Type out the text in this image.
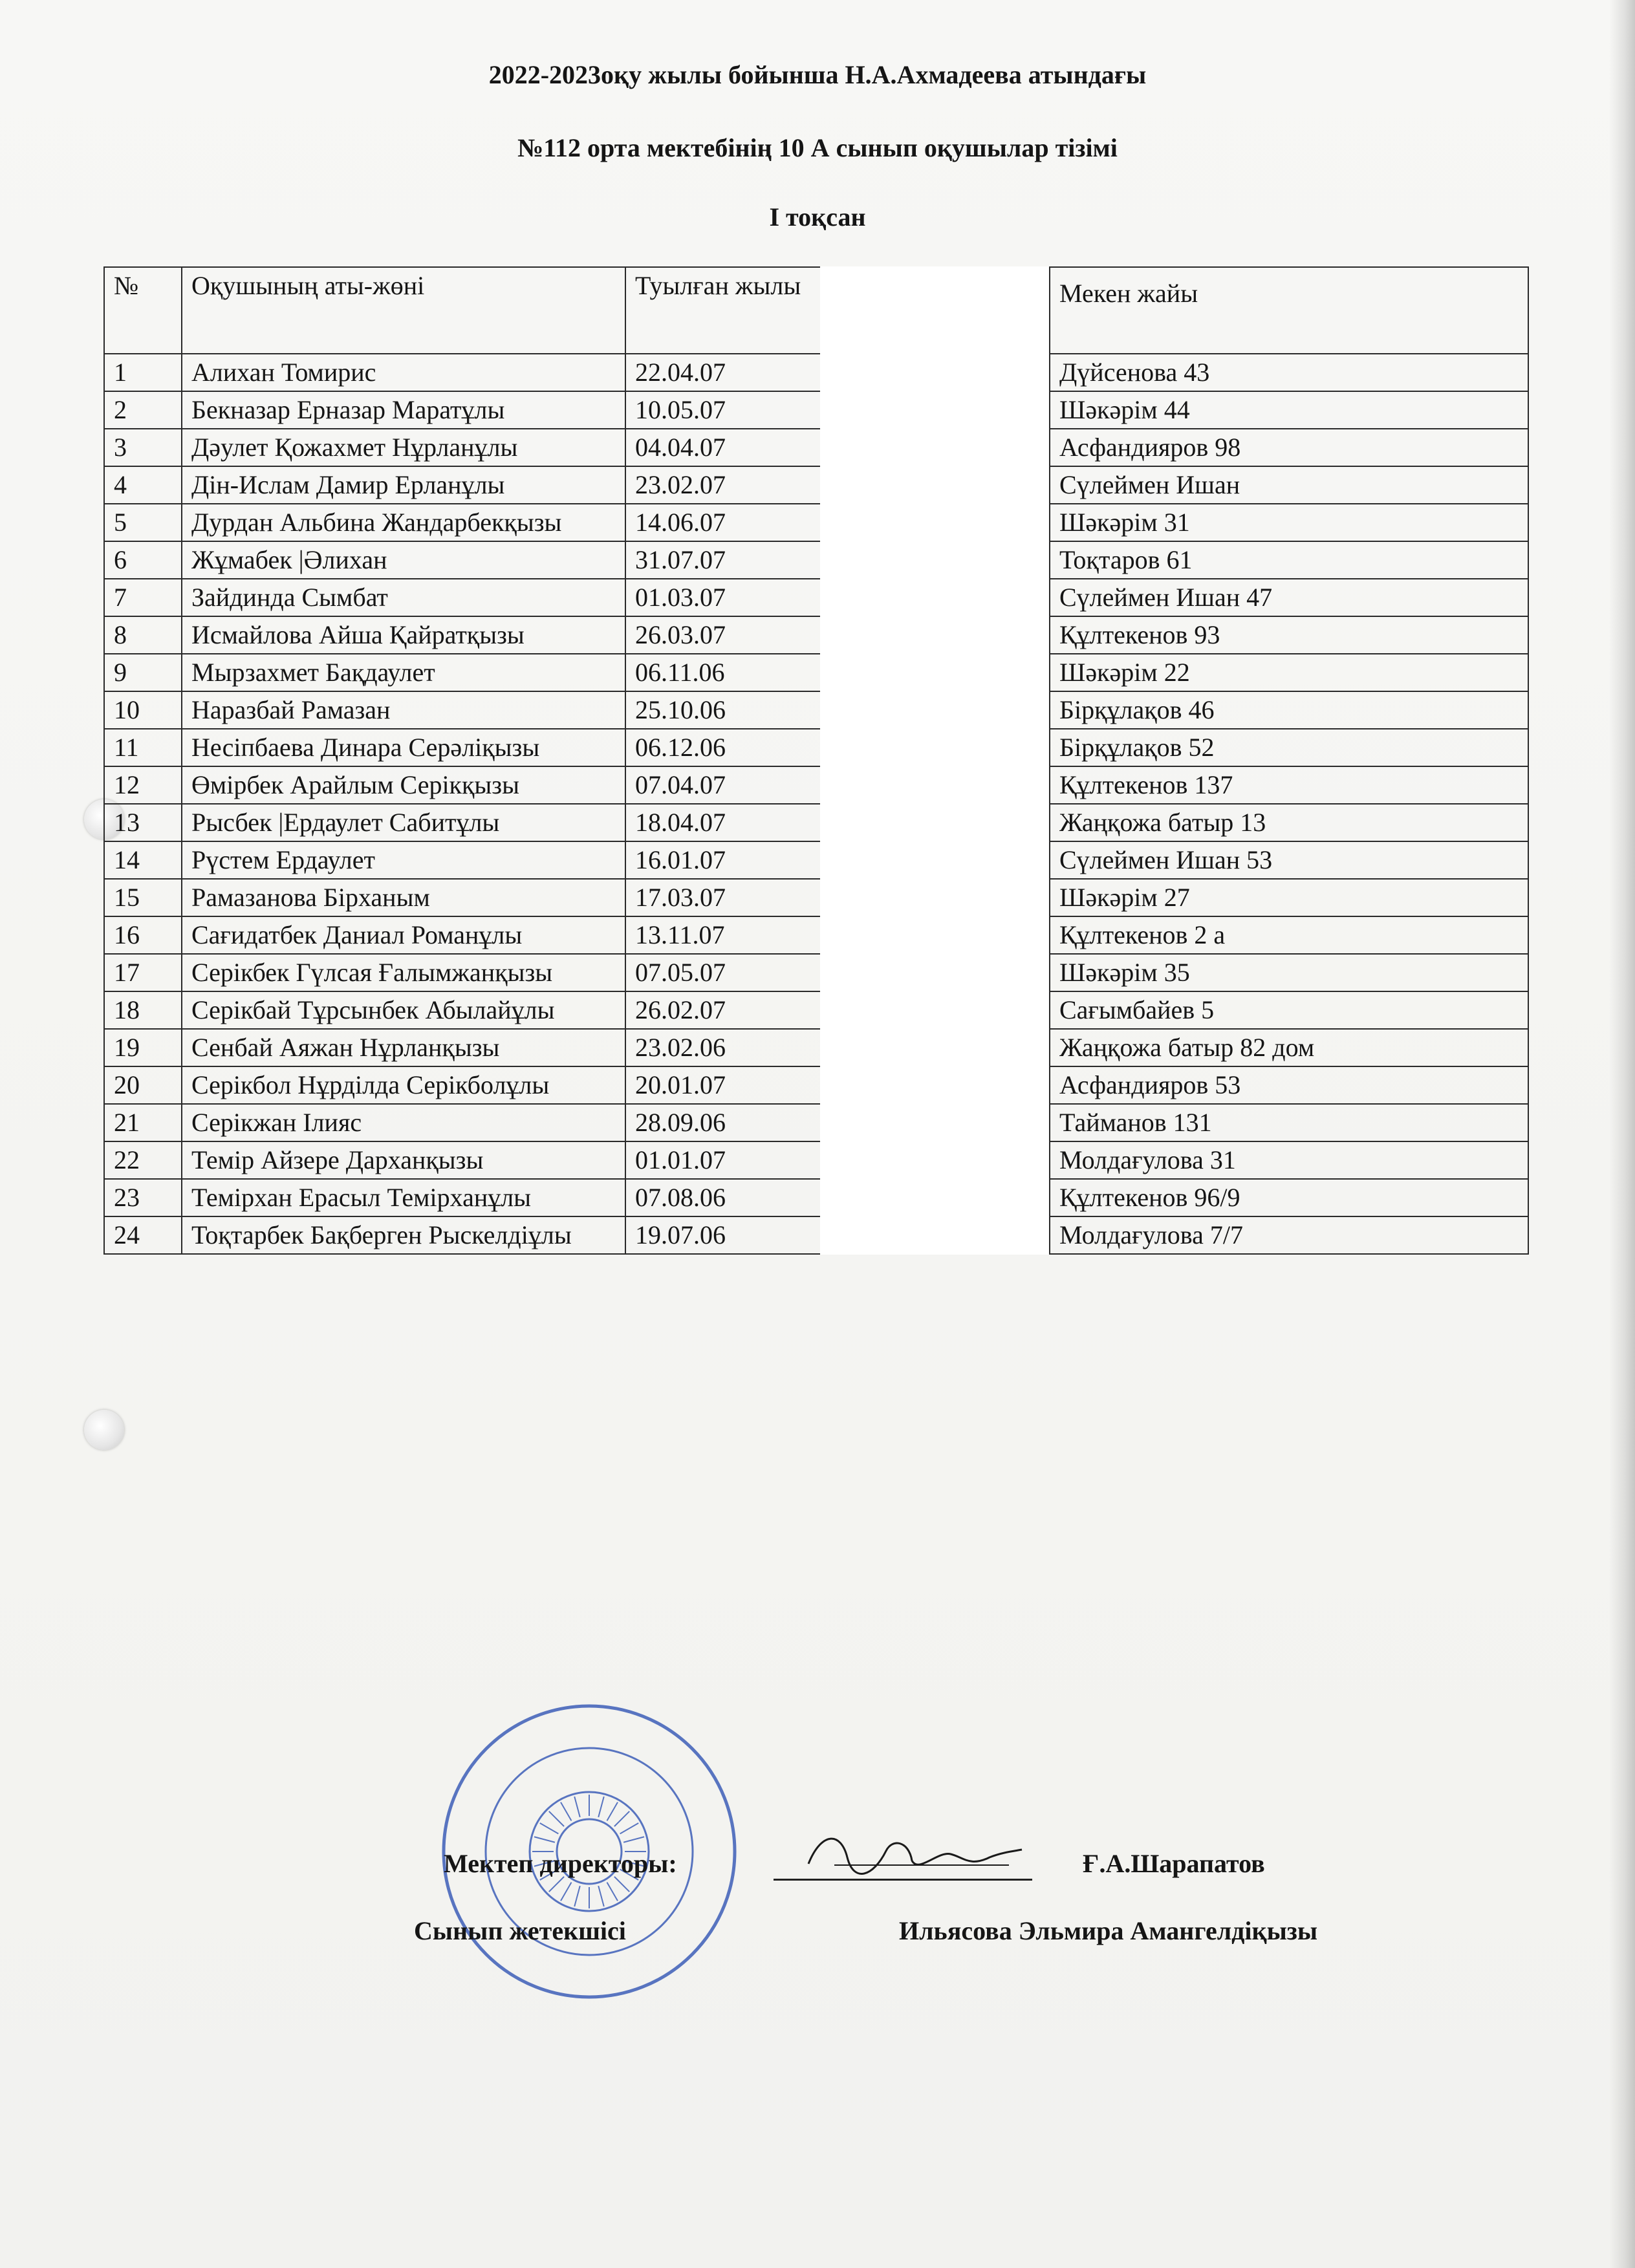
2022-2023оқу жылы бойынша Н.А.Ахмадеева атындағы
№112 орта мектебінің 10 А сынып оқушылар тізімі
І тоқсан
№	Оқушының аты-жөні	Туылған жылы		Мекен жайы
1	Алихан Томирис	22.04.07		Дүйсенова 43
2	Бекназар Ерназар Маратұлы	10.05.07		Шәкәрім 44
3	Дәулет Қожахмет Нұрланұлы	04.04.07		Асфандияров 98
4	Дін-Ислам Дамир Ерланұлы	23.02.07		Сүлеймен Ишан
5	Дурдан Альбина Жандарбекқызы	14.06.07		Шәкәрім 31
6	Жұмабек |Әлихан	31.07.07		Тоқтаров 61
7	Зайдинда Сымбат	01.03.07		Сүлеймен Ишан 47
8	Исмайлова Айша Қайратқызы	26.03.07		Құлтекенов 93
9	Мырзахмет Бақдаулет	06.11.06		Шәкәрім 22
10	Наразбай Рамазан	25.10.06		Бірқұлақов 46
11	Несіпбаева Динара Серәліқызы	06.12.06		Бірқұлақов 52
12	Өмірбек Арайлым Серікқызы	07.04.07		Құлтекенов 137
13	Рысбек |Ердаулет Сабитұлы	18.04.07		Жаңқожа батыр 13
14	Рүстем Ердаулет	16.01.07		Сүлеймен Ишан 53
15	Рамазанова Бірханым	17.03.07		Шәкәрім 27
16	Сағидатбек Даниал Романұлы	13.11.07		Құлтекенов 2 а
17	Серікбек Гүлсая Ғалымжанқызы	07.05.07		Шәкәрім 35
18	Серікбай Тұрсынбек Абылайұлы	26.02.07		Сағымбайев 5
19	Сенбай Аяжан Нұрланқызы	23.02.06		Жаңқожа батыр 82 дом
20	Серікбол Нұрділда Серікболұлы	20.01.07		Асфандияров 53
21	Серікжан Ілияс	28.09.06		Тайманов 131
22	Темір Айзере Дарханқызы	01.01.07		Молдағулова 31
23	Темірхан Ерасыл Темірханұлы	07.08.06		Құлтекенов 96/9
24	Тоқтарбек Бақберген Рыскелдіұлы	19.07.06		Молдағулова 7/7
Мектеп директоры:	Ғ.А.Шарапатов
Сынып жетекшісі	Ильясова Эльмира Амангелдіқызы
